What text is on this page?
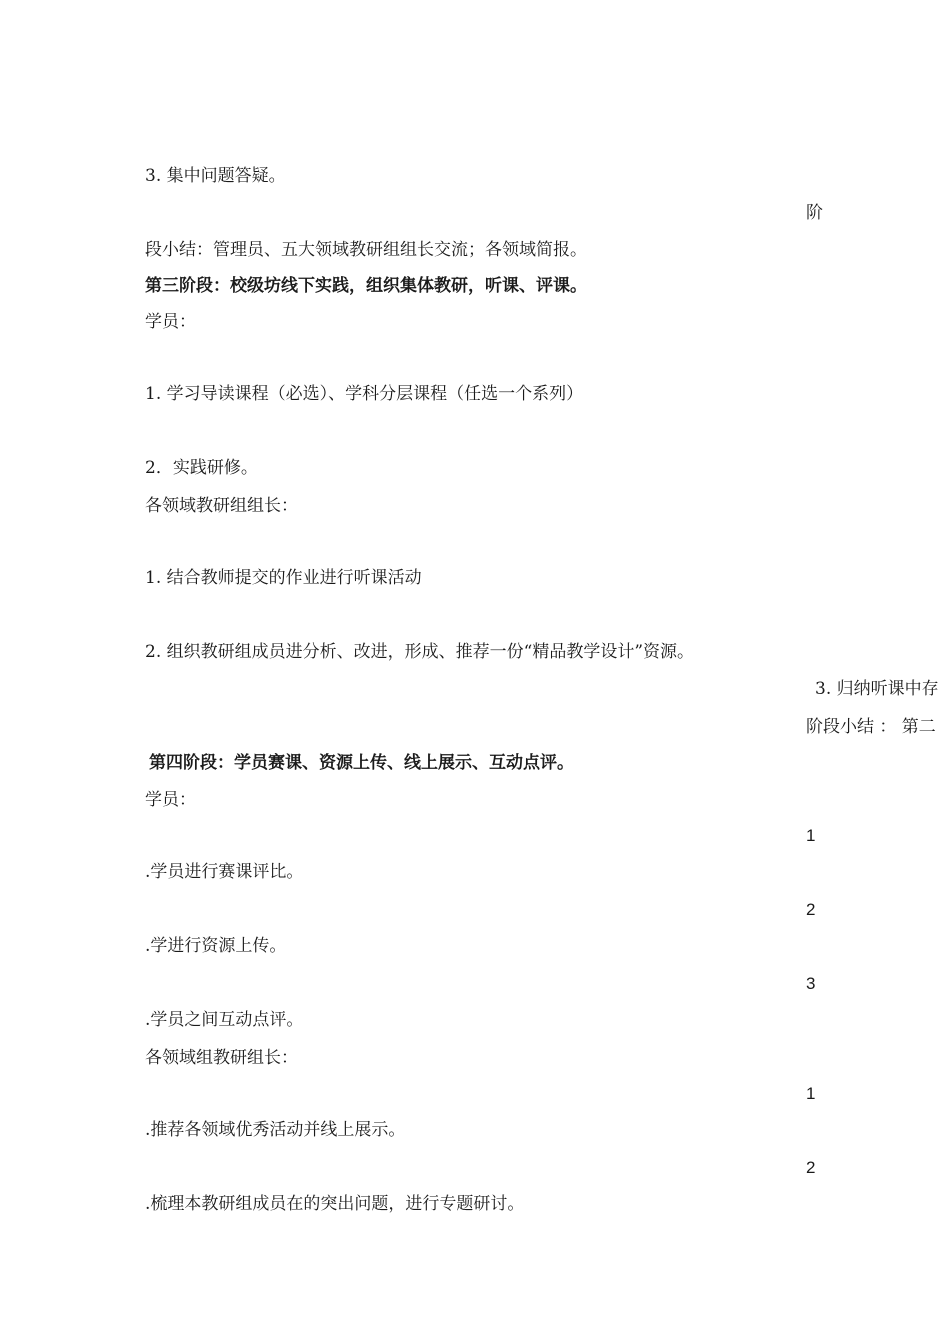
3. 集中问题答疑。
阶
段小结：管理员、五大领域教研组组长交流；各领域简报。
第三阶段：校级坊线下实践，组织集体教研，听课、评课。
学员：
1. 学习导读课程（必选）、学科分层课程（任选一个系列）
2．实践研修。
各领域教研组组长：
1. 结合教师提交的作业进行听课活动
2. 组织教研组成员进分析、改进，形成、推荐一份“精品教学设计”资源。
3. 归纳听课中存
阶段小结 ： 第二
第四阶段：学员赛课、资源上传、线上展示、互动点评。
学员：
1
.学员进行赛课评比。
2
.学进行资源上传。
3
.学员之间互动点评。
各领域组教研组长：
1
.推荐各领域优秀活动并线上展示。
2
.梳理本教研组成员在的突出问题，进行专题研讨。
